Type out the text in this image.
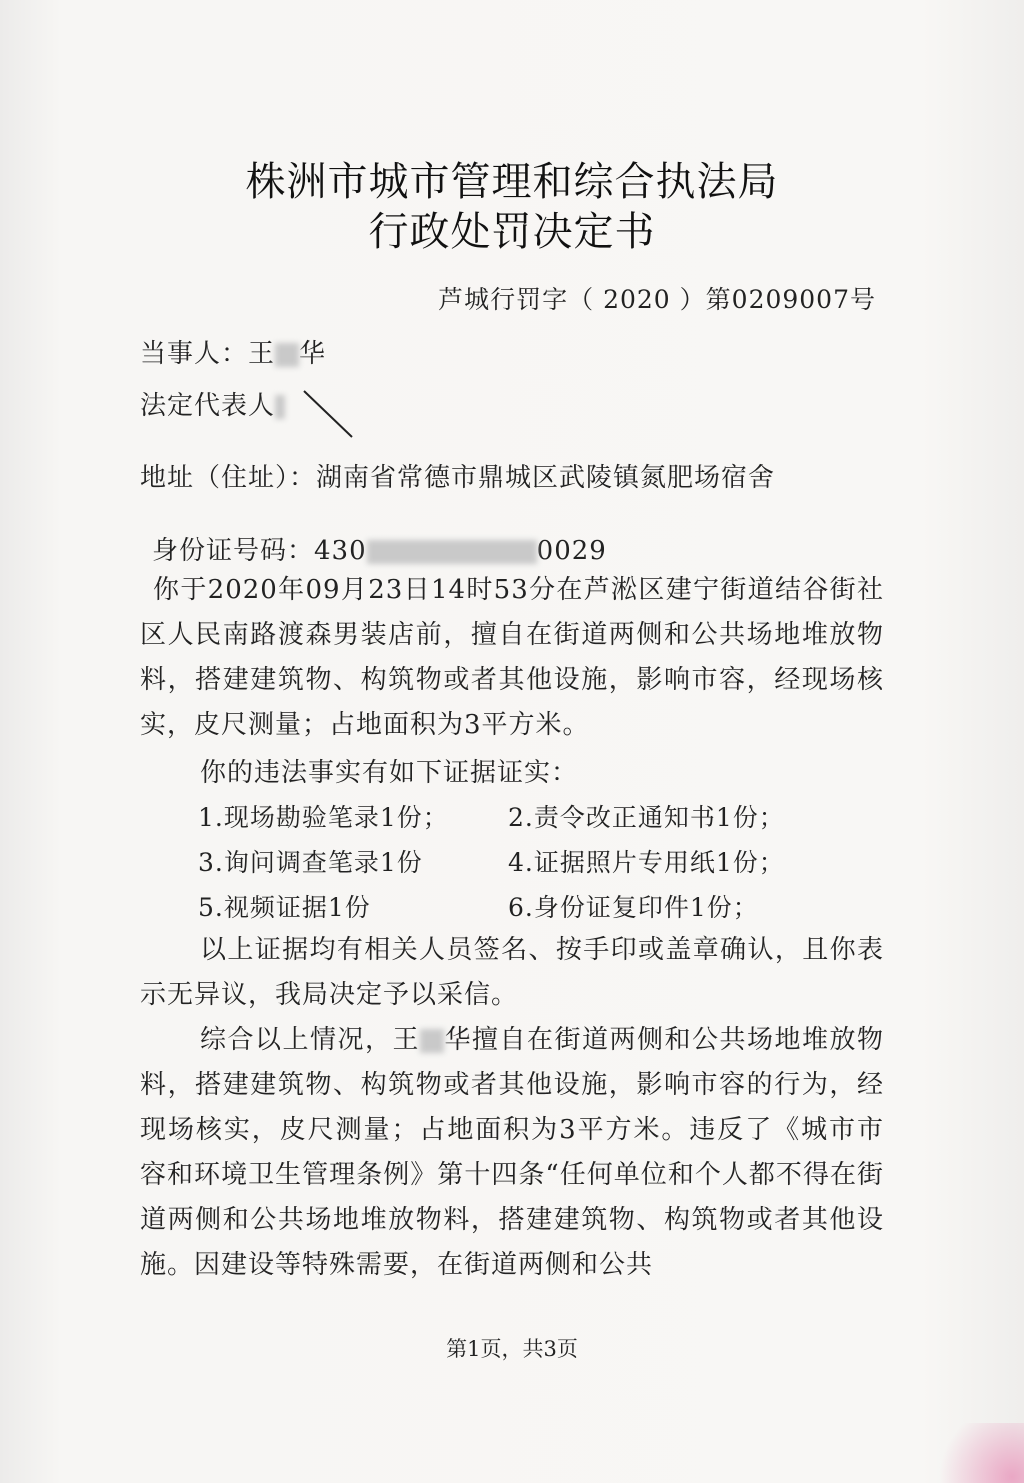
株洲市城市管理和综合执法局
行政处罚决定书
芦城行罚字（ 2020 ）第0209007号
当事人：王 华
法定代表人
地址（住址）：湖南省常德市鼎城区武陵镇氮肥场宿舍
身份证号码：430	0029
你于2020年09月23日14时53分在芦淞区建宁街道结谷街社区人民南路渡森男装店前，擅自在街道两侧和公共场地堆放物料，搭建建筑物、构筑物或者其他设施，影响市容，经现场核实，皮尺测量；占地面积为3平方米。
你的违法事实有如下证据证实：
1.现场勘验笔录1份； 2.责令改正通知书1份；
3.询问调查笔录1份	4.证据照片专用纸1份；
5.视频证据1份	6.身份证复印件1份；
以上证据均有相关人员签名、按手印或盖章确认，且你表示无异议，我局决定予以采信。
综合以上情况，王 华擅自在街道两侧和公共场地堆放物料，搭建建筑物、构筑物或者其他设施，影响市容的行为，经现场核实，皮尺测量；占地面积为3平方米。违反了《城市市容和环境卫生管理条例》第十四条“任何单位和个人都不得在街道两侧和公共场地堆放物料，搭建建筑物、构筑物或者其他设施。因建设等特殊需要，在街道两侧和公共
第1页，共3页
